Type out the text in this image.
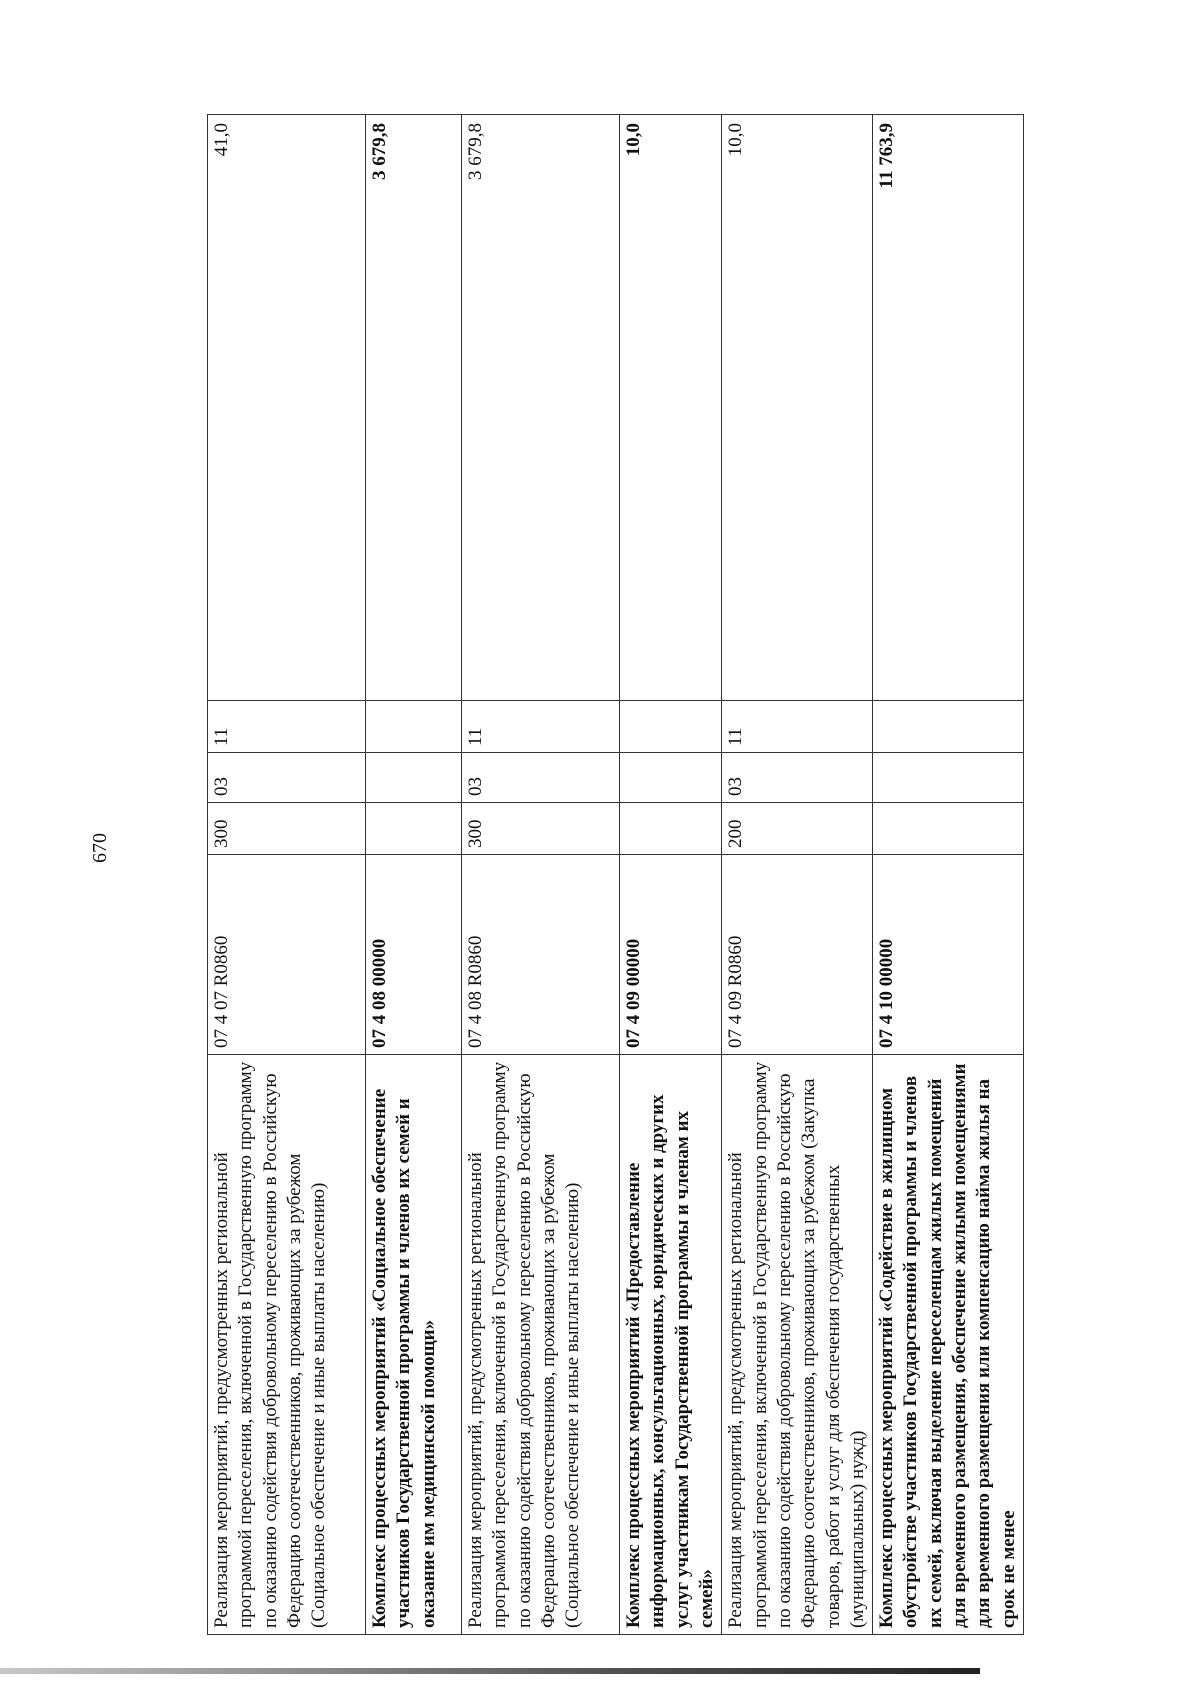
670
Реализация мероприятий, предусмотренных региональной программой переселения, включенной в Государственную программу по оказанию содействия добровольному переселению в Российскую Федерацию соотечественников, проживающих за рубежом (Социальное обеспечение и иные выплаты населению)	07 4 07 R0860	300	03	11	41,0
Комплекс процессных мероприятий «Социальное обеспечение участников Государственной программы и членов их семей и оказание им медицинской помощи»	07 4 08 00000				3 679,8
Реализация мероприятий, предусмотренных региональной программой переселения, включенной в Государственную программу по оказанию содействия добровольному переселению в Российскую Федерацию соотечественников, проживающих за рубежом (Социальное обеспечение и иные выплаты населению)	07 4 08 R0860	300	03	11	3 679,8
Комплекс процессных мероприятий «Предоставление информационных, консультационных, юридических и других услуг участникам Государственной программы и членам их семей»	07 4 09 00000				10,0
Реализация мероприятий, предусмотренных региональной программой переселения, включенной в Государственную программу по оказанию содействия добровольному переселению в Российскую Федерацию соотечественников, проживающих за рубежом (Закупка товаров, работ и услуг для обеспечения государственных (муниципальных) нужд)	07 4 09 R0860	200	03	11	10,0
Комплекс процессных мероприятий «Содействие в жилищном обустройстве участников Государственной программы и членов их семей, включая выделение переселенцам жилых помещений для временного размещения, обеспечение жилыми помещениями для временного размещения или компенсацию найма жилья на срок не менее	07 4 10 00000				11 763,9
